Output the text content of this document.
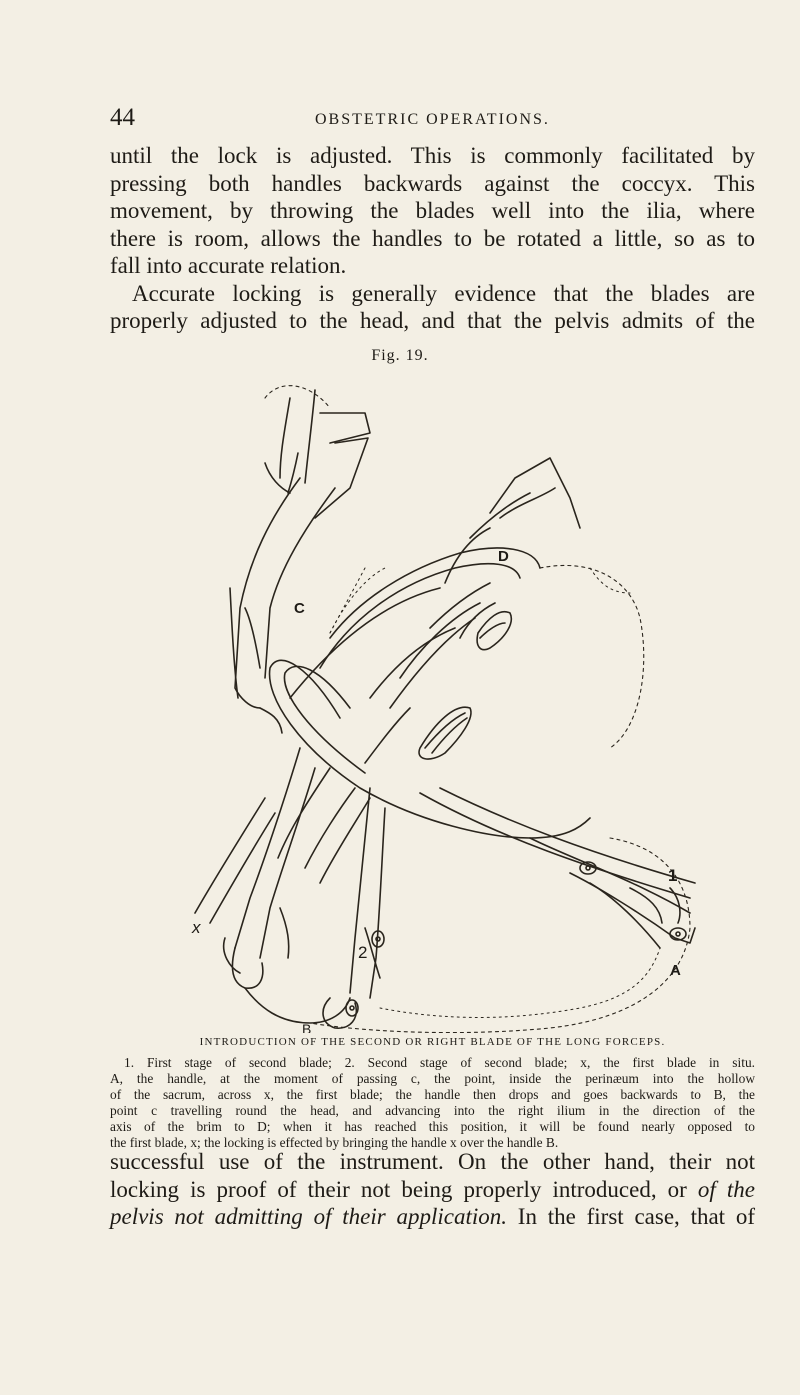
44	OBSTETRIC OPERATIONS.
until the lock is adjusted. This is commonly facilitated by
pressing both handles backwards against the coccyx. This
movement, by throwing the blades well into the ilia, where
there is room, allows the handles to be rotated a little, so as to
fall into accurate relation.
Accurate locking is generally evidence that the blades are
properly adjusted to the head, and that the pelvis admits of the
Fig. 19.
C
D
x
1
A
2
B
INTRODUCTION OF THE SECOND OR RIGHT BLADE OF THE LONG FORCEPS.
1. First stage of second blade; 2. Second stage of second blade; x, the first blade in situ.
A, the handle, at the moment of passing c, the point, inside the perinæum into the hollow
of the sacrum, across x, the first blade; the handle then drops and goes backwards to B, the
point c travelling round the head, and advancing into the right ilium in the direction of the
axis of the brim to D; when it has reached this position, it will be found nearly opposed to
the first blade, x; the locking is effected by bringing the handle x over the handle B.
successful use of the instrument. On the other hand, their not
locking is proof of their not being properly introduced, or of the
pelvis not admitting of their application. In the first case, that of
